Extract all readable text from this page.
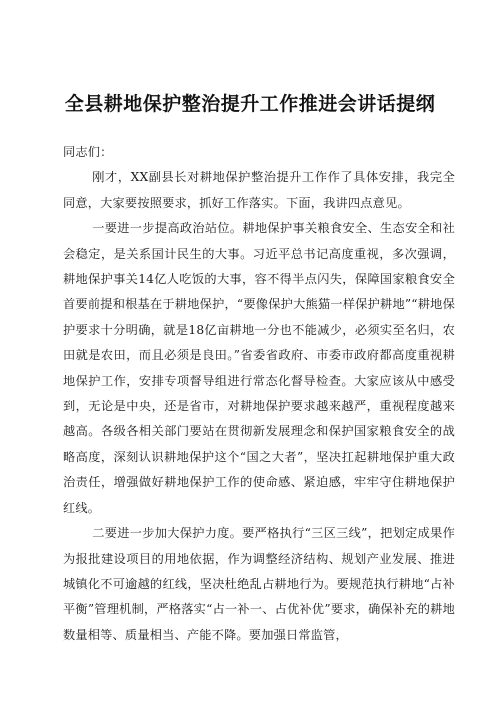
全县耕地保护整治提升工作推进会讲话提纲

同志们：

刚才，XX副县长对耕地保护整治提升工作作了具体安排，我完全同意，大家要按照要求，抓好工作落实。下面，我讲四点意见。

一要进一步提高政治站位。耕地保护事关粮食安全、生态安全和社会稳定，是关系国计民生的大事。习近平总书记高度重视，多次强调，耕地保护事关14亿人吃饭的大事，容不得半点闪失，保障国家粮食安全首要前提和根基在于耕地保护，“要像保护大熊猫一样保护耕地”“耕地保护要求十分明确，就是18亿亩耕地一分也不能减少，必须实至名归，农田就是农田，而且必须是良田。”省委省政府、市委市政府都高度重视耕地保护工作，安排专项督导组进行常态化督导检查。大家应该从中感受到，无论是中央，还是省市，对耕地保护要求越来越严，重视程度越来越高。各级各相关部门要站在贯彻新发展理念和保护国家粮食安全的战略高度，深刻认识耕地保护这个“国之大者”，坚决扛起耕地保护重大政治责任，增强做好耕地保护工作的使命感、紧迫感，牢牢守住耕地保护红线。

二要进一步加大保护力度。要严格执行“三区三线”，把划定成果作为报批建设项目的用地依据，作为调整经济结构、规划产业发展、推进城镇化不可逾越的红线，坚决杜绝乱占耕地行为。要规范执行耕地“占补平衡”管理机制，严格落实“占一补一、占优补优”要求，确保补充的耕地数量相等、质量相当、产能不降。要加强日常监管，
